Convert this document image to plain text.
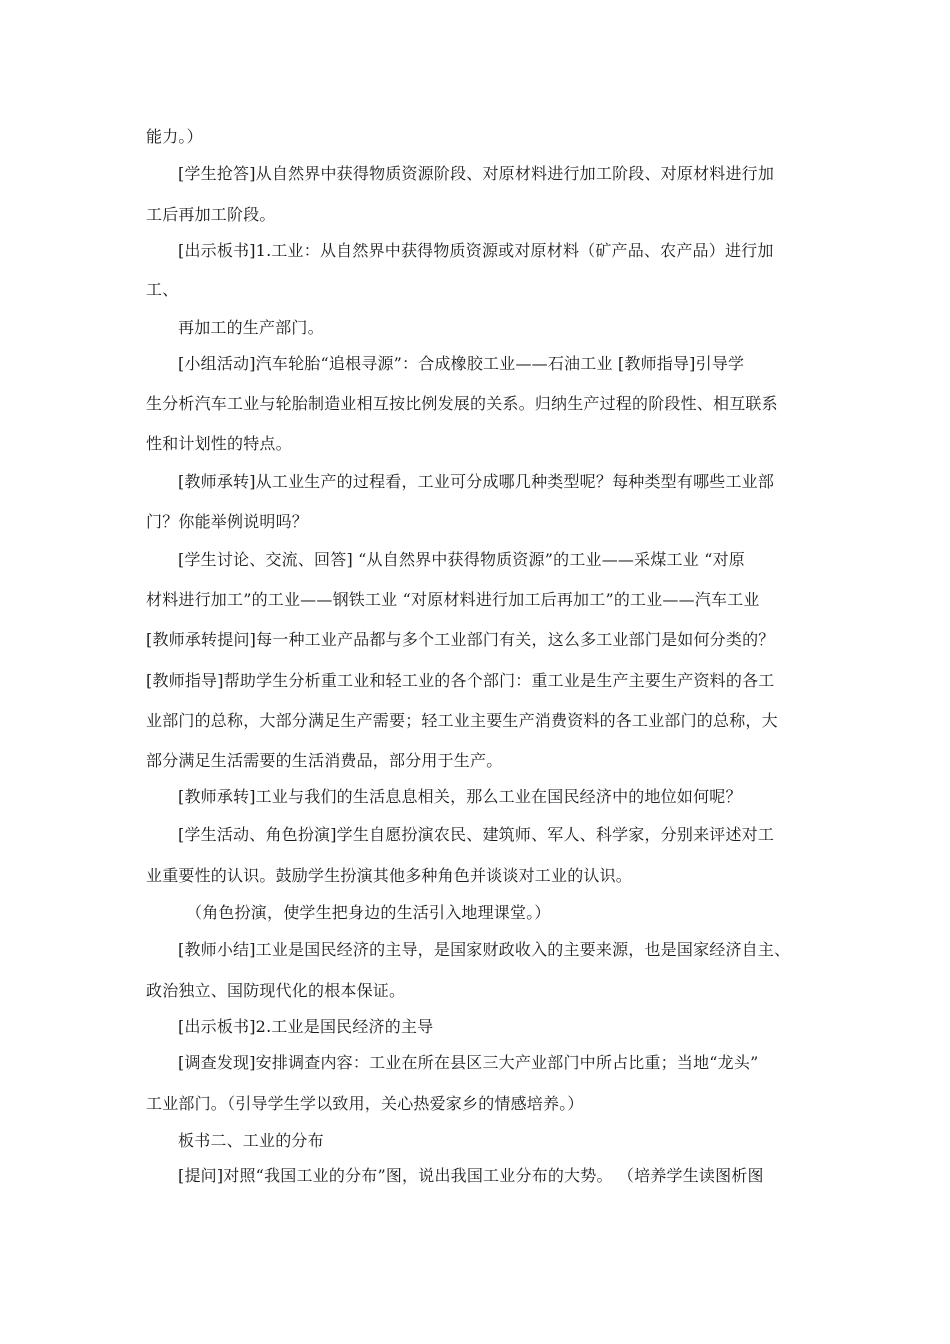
能力。）
[学生抢答]从自然界中获得物质资源阶段、对原材料进行加工阶段、对原材料进行加
工后再加工阶段。
[出示板书]1.工业：从自然界中获得物质资源或对原材料（矿产品、农产品）进行加
工、
再加工的生产部门。
[小组活动]汽车轮胎“追根寻源”：合成橡胶工业——石油工业 [教师指导]引导学
生分析汽车工业与轮胎制造业相互按比例发展的关系。归纳生产过程的阶段性、相互联系
性和计划性的特点。
[教师承转]从工业生产的过程看，工业可分成哪几种类型呢？每种类型有哪些工业部
门？你能举例说明吗？
[学生讨论、交流、回答] “从自然界中获得物质资源”的工业——采煤工业 “对原
材料进行加工”的工业——钢铁工业 “对原材料进行加工后再加工”的工业——汽车工业
[教师承转提问]每一种工业产品都与多个工业部门有关，这么多工业部门是如何分类的？
[教师指导]帮助学生分析重工业和轻工业的各个部门：重工业是生产主要生产资料的各工
业部门的总称，大部分满足生产需要；轻工业主要生产消费资料的各工业部门的总称，大
部分满足生活需要的生活消费品，部分用于生产。
[教师承转]工业与我们的生活息息相关，那么工业在国民经济中的地位如何呢？
[学生活动、角色扮演]学生自愿扮演农民、建筑师、军人、科学家，分别来评述对工
业重要性的认识。鼓励学生扮演其他多种角色并谈谈对工业的认识。
（角色扮演，使学生把身边的生活引入地理课堂。）
[教师小结]工业是国民经济的主导，是国家财政收入的主要来源，也是国家经济自主、
政治独立、国防现代化的根本保证。
[出示板书]2.工业是国民经济的主导
[调查发现]安排调查内容：工业在所在县区三大产业部门中所占比重；当地“龙头”
工业部门。（引导学生学以致用，关心热爱家乡的情感培养。）
板书二、工业的分布
[提问]对照“我国工业的分布”图，说出我国工业分布的大势。 （培养学生读图析图
